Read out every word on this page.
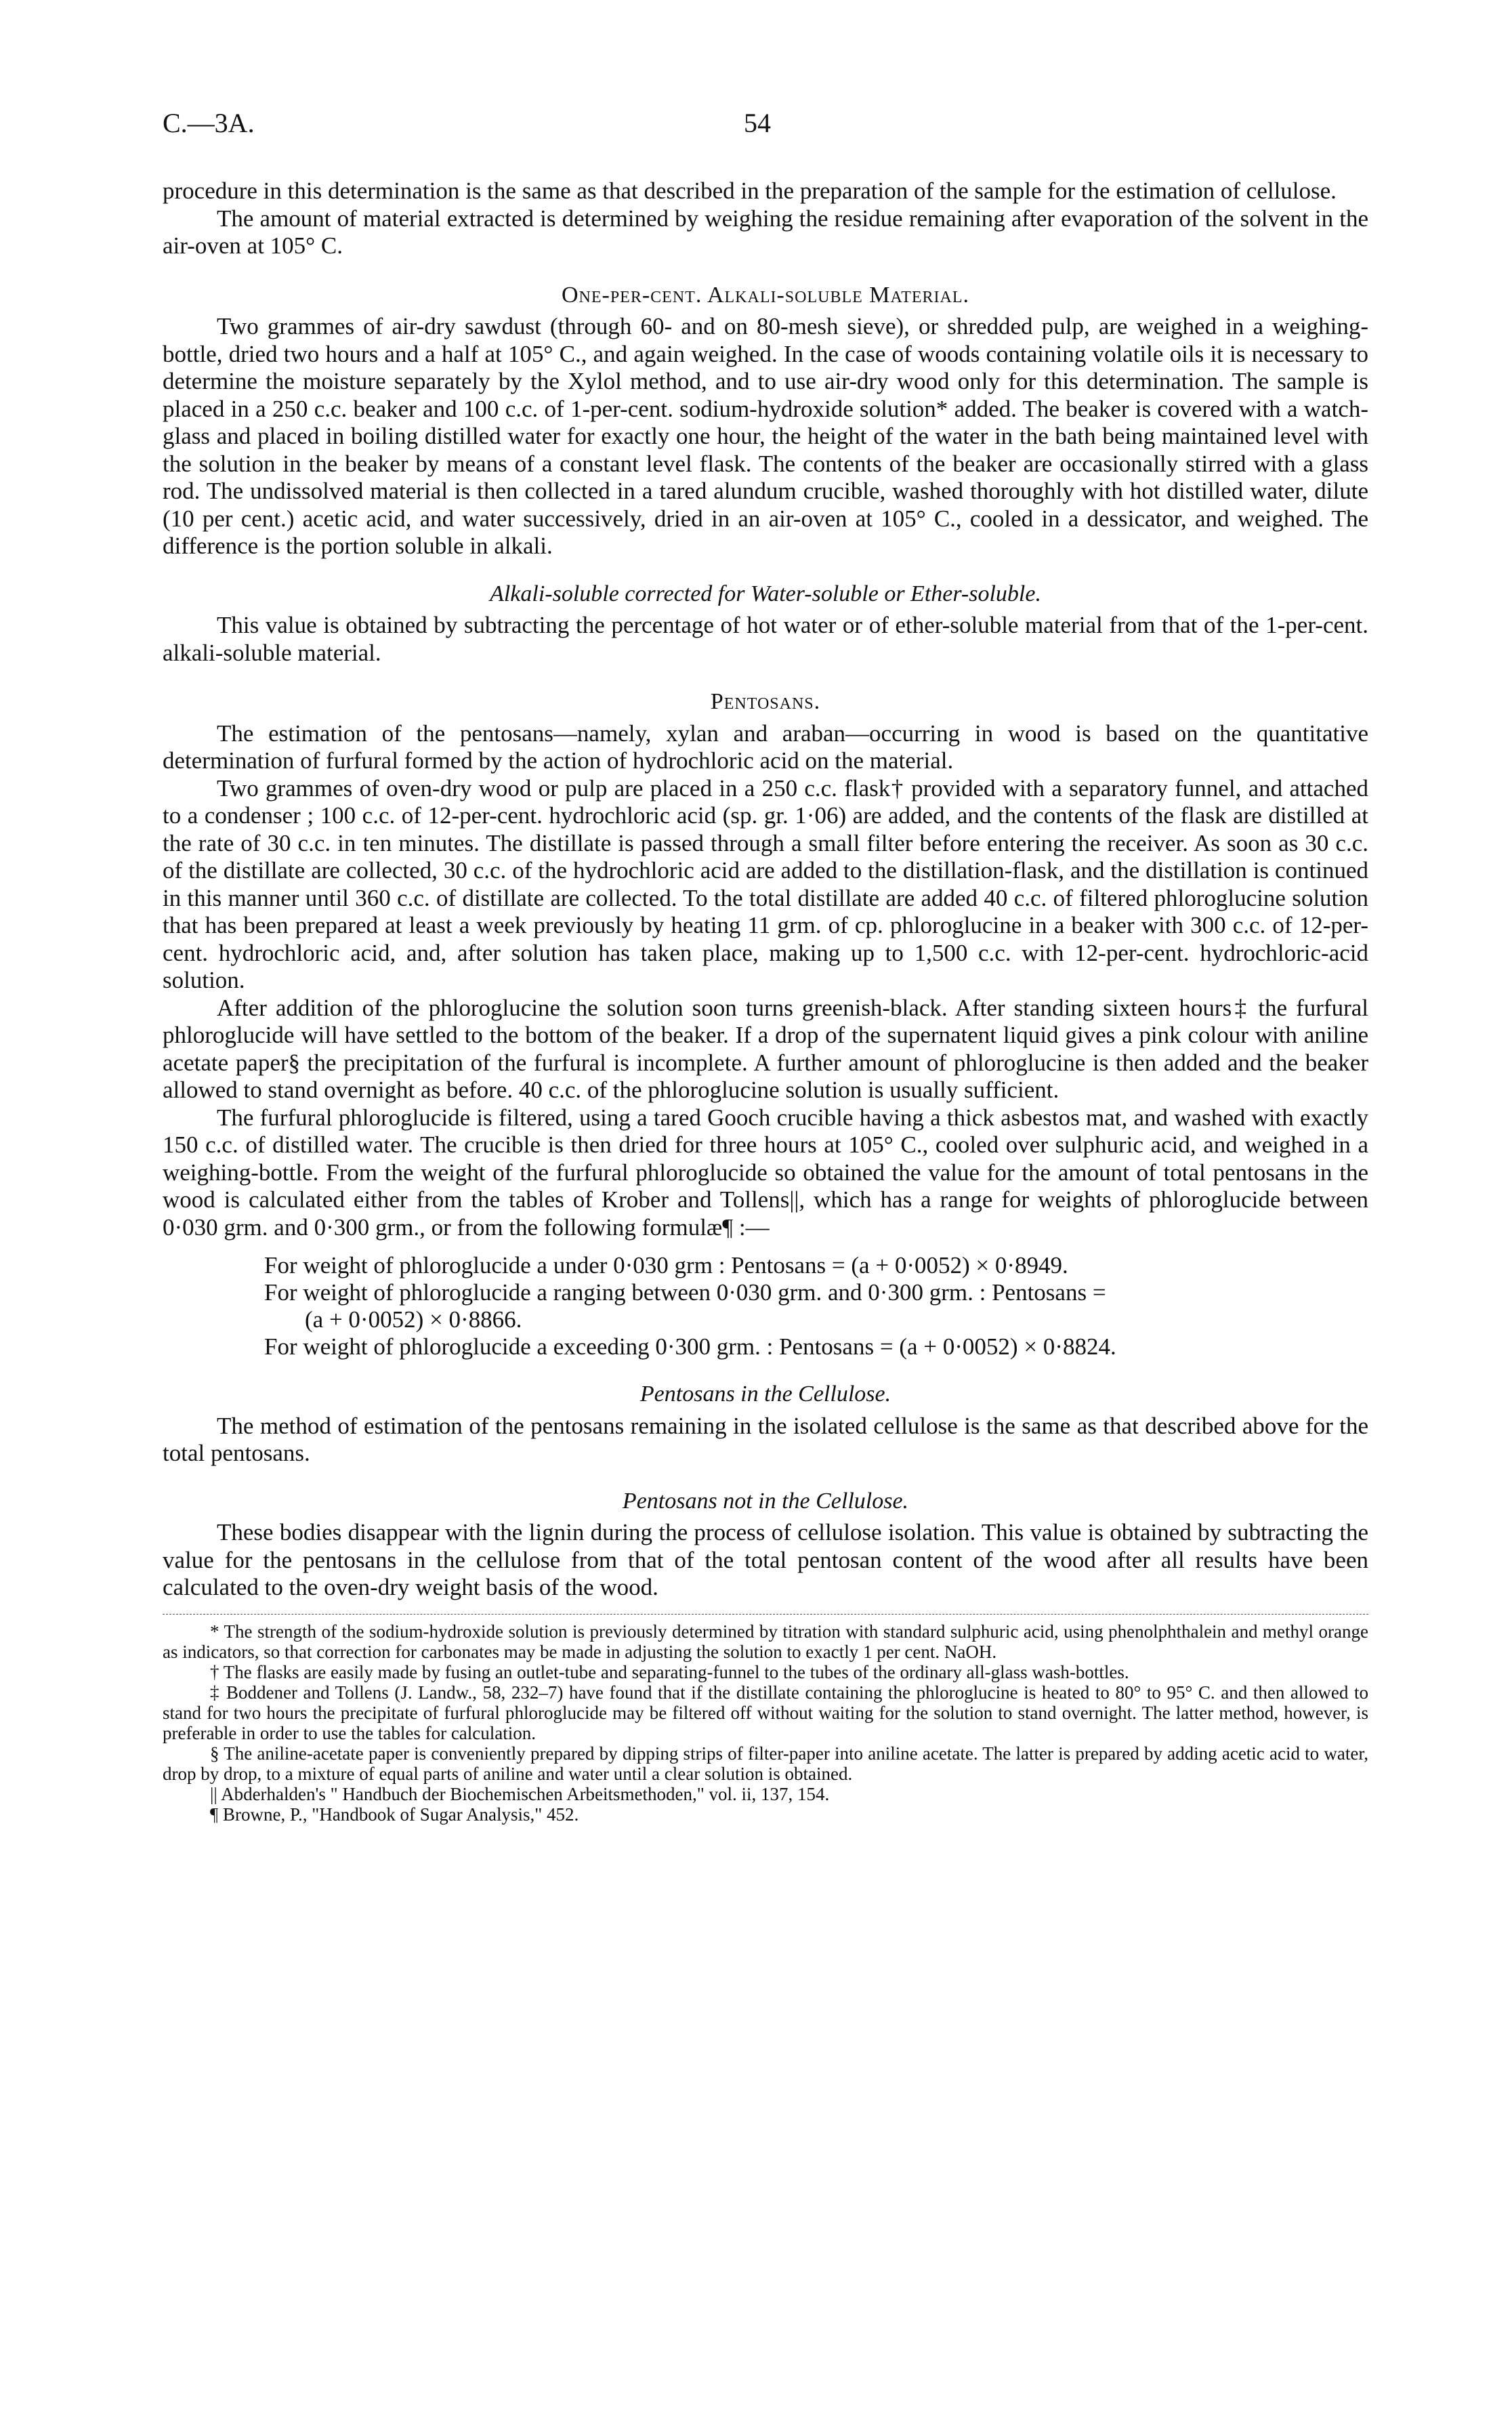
C.—3A.	54

procedure in this determination is the same as that described in the preparation of the sample for the estimation of cellulose.

The amount of material extracted is determined by weighing the residue remaining after evaporation of the solvent in the air-oven at 105° C.

One-per-cent. Alkali-soluble Material.

Two grammes of air-dry sawdust (through 60- and on 80-mesh sieve), or shredded pulp, are weighed in a weighing-bottle, dried two hours and a half at 105° C., and again weighed. In the case of woods containing volatile oils it is necessary to determine the moisture separately by the Xylol method, and to use air-dry wood only for this determination. The sample is placed in a 250 c.c. beaker and 100 c.c. of 1-per-cent. sodium-hydroxide solution* added. The beaker is covered with a watch-glass and placed in boiling distilled water for exactly one hour, the height of the water in the bath being maintained level with the solution in the beaker by means of a constant level flask. The contents of the beaker are occasionally stirred with a glass rod. The undissolved material is then collected in a tared alundum crucible, washed thoroughly with hot distilled water, dilute (10 per cent.) acetic acid, and water successively, dried in an air-oven at 105° C., cooled in a dessicator, and weighed. The difference is the portion soluble in alkali.

Alkali-soluble corrected for Water-soluble or Ether-soluble.

This value is obtained by subtracting the percentage of hot water or of ether-soluble material from that of the 1-per-cent. alkali-soluble material.

Pentosans.

The estimation of the pentosans—namely, xylan and araban—occurring in wood is based on the quantitative determination of furfural formed by the action of hydrochloric acid on the material.

Two grammes of oven-dry wood or pulp are placed in a 250 c.c. flask† provided with a separatory funnel, and attached to a condenser ; 100 c.c. of 12-per-cent. hydrochloric acid (sp. gr. 1·06) are added, and the contents of the flask are distilled at the rate of 30 c.c. in ten minutes. The distillate is passed through a small filter before entering the receiver. As soon as 30 c.c. of the distillate are collected, 30 c.c. of the hydrochloric acid are added to the distillation-flask, and the distillation is continued in this manner until 360 c.c. of distillate are collected. To the total distillate are added 40 c.c. of filtered phloroglucine solution that has been prepared at least a week previously by heating 11 grm. of cp. phloroglucine in a beaker with 300 c.c. of 12-per-cent. hydrochloric acid, and, after solution has taken place, making up to 1,500 c.c. with 12-per-cent. hydrochloric-acid solution.

After addition of the phloroglucine the solution soon turns greenish-black. After standing sixteen hours‡ the furfural phloroglucide will have settled to the bottom of the beaker. If a drop of the supernatent liquid gives a pink colour with aniline acetate paper§ the precipitation of the furfural is incomplete. A further amount of phloroglucine is then added and the beaker allowed to stand overnight as before. 40 c.c. of the phloroglucine solution is usually sufficient.

The furfural phloroglucide is filtered, using a tared Gooch crucible having a thick asbestos mat, and washed with exactly 150 c.c. of distilled water. The crucible is then dried for three hours at 105° C., cooled over sulphuric acid, and weighed in a weighing-bottle. From the weight of the furfural phloroglucide so obtained the value for the amount of total pentosans in the wood is calculated either from the tables of Krober and Tollens||, which has a range for weights of phloroglucide between 0·030 grm. and 0·300 grm., or from the following formulæ¶ :—

For weight of phloroglucide a under 0·030 grm : Pentosans = (a + 0·0052) × 0·8949.

For weight of phloroglucide a ranging between 0·030 grm. and 0·300 grm. : Pentosans =

(a + 0·0052) × 0·8866.

For weight of phloroglucide a exceeding 0·300 grm. : Pentosans = (a + 0·0052) × 0·8824.

Pentosans in the Cellulose.

The method of estimation of the pentosans remaining in the isolated cellulose is the same as that described above for the total pentosans.

Pentosans not in the Cellulose.

These bodies disappear with the lignin during the process of cellulose isolation. This value is obtained by subtracting the value for the pentosans in the cellulose from that of the total pentosan content of the wood after all results have been calculated to the oven-dry weight basis of the wood.

* The strength of the sodium-hydroxide solution is previously determined by titration with standard sulphuric acid, using phenolphthalein and methyl orange as indicators, so that correction for carbonates may be made in adjusting the solution to exactly 1 per cent. NaOH.

† The flasks are easily made by fusing an outlet-tube and separating-funnel to the tubes of the ordinary all-glass wash-bottles.

‡ Boddener and Tollens (J. Landw., 58, 232–7) have found that if the distillate containing the phloroglucine is heated to 80° to 95° C. and then allowed to stand for two hours the precipitate of furfural phloroglucide may be filtered off without waiting for the solution to stand overnight. The latter method, however, is preferable in order to use the tables for calculation.

§ The aniline-acetate paper is conveniently prepared by dipping strips of filter-paper into aniline acetate. The latter is prepared by adding acetic acid to water, drop by drop, to a mixture of equal parts of aniline and water until a clear solution is obtained.

|| Abderhalden's " Handbuch der Biochemischen Arbeitsmethoden," vol. ii, 137, 154.

¶ Browne, P., "Handbook of Sugar Analysis," 452.
